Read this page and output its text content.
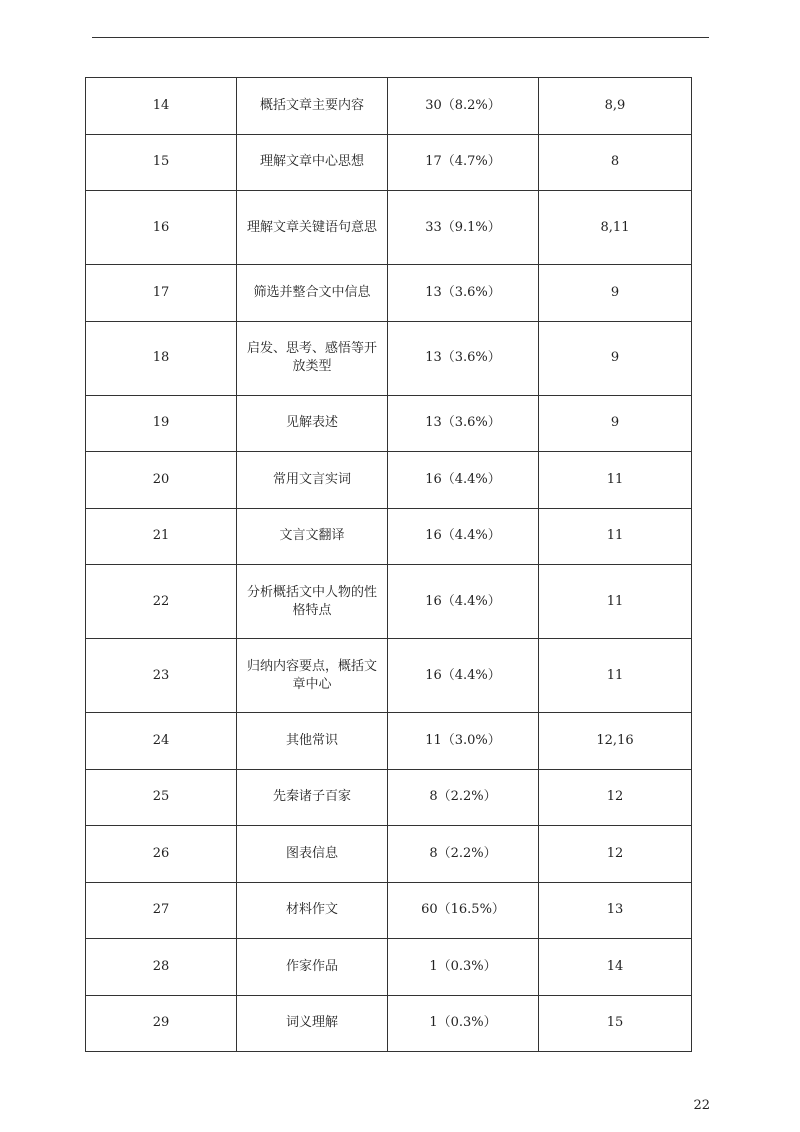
14	概括文章主要内容	30（8.2%）	8,9
15	理解文章中心思想	17（4.7%）	8
16	理解文章关键语句意思	33（9.1%）	8,11
17	筛选并整合文中信息	13（3.6%）	9
18	启发、思考、感悟等开放类型	13（3.6%）	9
19	见解表述	13（3.6%）	9
20	常用文言实词	16（4.4%）	11
21	文言文翻译	16（4.4%）	11
22	分析概括文中人物的性格特点	16（4.4%）	11
23	归纳内容要点，概括文章中心	16（4.4%）	11
24	其他常识	11（3.0%）	12,16
25	先秦诸子百家	8（2.2%）	12
26	图表信息	8（2.2%）	12
27	材料作文	60（16.5%）	13
28	作家作品	1（0.3%）	14
29	词义理解	1（0.3%）	15
22
